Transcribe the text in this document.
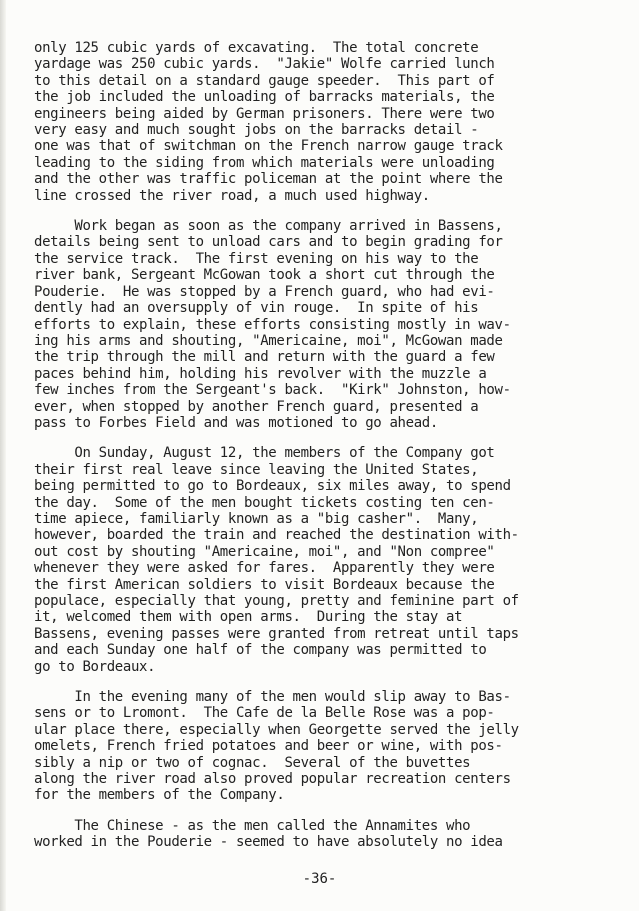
only 125 cubic yards of excavating.  The total concrete
yardage was 250 cubic yards.  "Jakie" Wolfe carried lunch
to this detail on a standard gauge speeder.  This part of
the job included the unloading of barracks materials, the
engineers being aided by German prisoners. There were two
very easy and much sought jobs on the barracks detail -
one was that of switchman on the French narrow gauge track
leading to the siding from which materials were unloading
and the other was traffic policeman at the point where the
line crossed the river road, a much used highway.
Work began as soon as the company arrived in Bassens,
details being sent to unload cars and to begin grading for
the service track.  The first evening on his way to the
river bank, Sergeant McGowan took a short cut through the
Pouderie.  He was stopped by a French guard, who had evi-
dently had an oversupply of vin rouge.  In spite of his
efforts to explain, these efforts consisting mostly in wav-
ing his arms and shouting, "Americaine, moi", McGowan made
the trip through the mill and return with the guard a few
paces behind him, holding his revolver with the muzzle a
few inches from the Sergeant's back.  "Kirk" Johnston, how-
ever, when stopped by another French guard, presented a
pass to Forbes Field and was motioned to go ahead.
On Sunday, August 12, the members of the Company got
their first real leave since leaving the United States,
being permitted to go to Bordeaux, six miles away, to spend
the day.  Some of the men bought tickets costing ten cen-
time apiece, familiarly known as a "big casher".  Many,
however, boarded the train and reached the destination with-
out cost by shouting "Americaine, moi", and "Non compree"
whenever they were asked for fares.  Apparently they were
the first American soldiers to visit Bordeaux because the
populace, especially that young, pretty and feminine part of
it, welcomed them with open arms.  During the stay at
Bassens, evening passes were granted from retreat until taps
and each Sunday one half of the company was permitted to
go to Bordeaux.
In the evening many of the men would slip away to Bas-
sens or to Lromont.  The Cafe de la Belle Rose was a pop-
ular place there, especially when Georgette served the jelly
omelets, French fried potatoes and beer or wine, with pos-
sibly a nip or two of cognac.  Several of the buvettes
along the river road also proved popular recreation centers
for the members of the Company.
The Chinese - as the men called the Annamites who
worked in the Pouderie - seemed to have absolutely no idea
-36-
